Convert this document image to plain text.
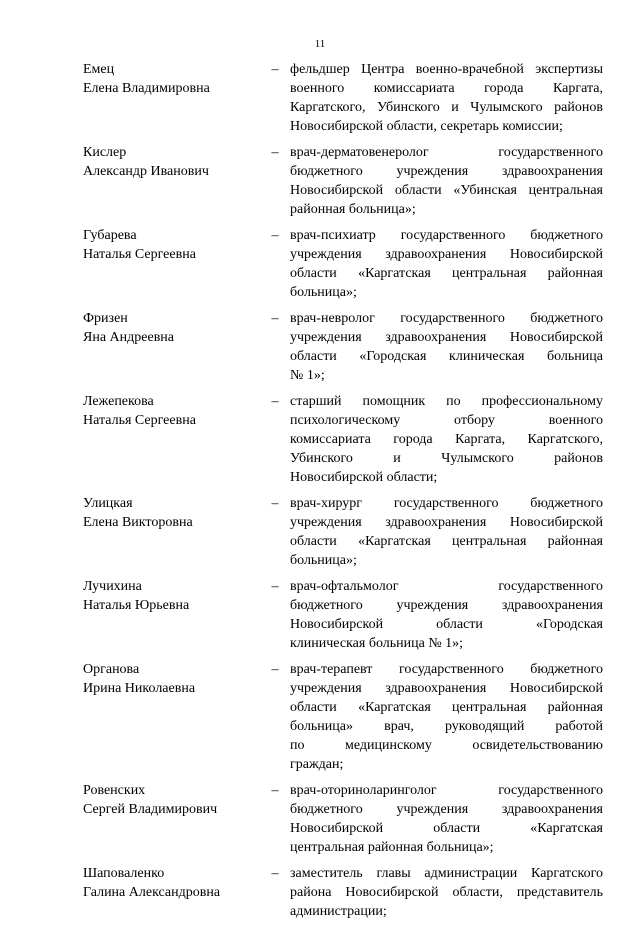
11
Емец
Елена Владимировна
– фельдшер Центра военно-врачебной экспертизы
военного комиссариата города Каргата,
Каргатского, Убинского и Чулымского районов
Новосибирской области, секретарь комиссии;
Кислер
Александр Иванович
– врач-дерматовенеролог государственного
бюджетного учреждения здравоохранения
Новосибирской области «Убинская центральная
районная больница»;
Губарева
Наталья Сергеевна
– врач-психиатр государственного бюджетного
учреждения здравоохранения Новосибирской
области «Каргатская центральная районная
больница»;
Фризен
Яна Андреевна
– врач-невролог государственного бюджетного
учреждения здравоохранения Новосибирской
области «Городская клиническая больница
№ 1»;
Лежепекова
Наталья Сергеевна
– старший помощник по профессиональному
психологическому отбору военного
комиссариата города Каргата, Каргатского,
Убинского и Чулымского районов
Новосибирской области;
Улицкая
Елена Викторовна
– врач-хирург государственного бюджетного
учреждения здравоохранения Новосибирской
области «Каргатская центральная районная
больница»;
Лучихина
Наталья Юрьевна
– врач-офтальмолог государственного
бюджетного учреждения здравоохранения
Новосибирской области «Городская
клиническая больница № 1»;
Органова
Ирина Николаевна
– врач-терапевт государственного бюджетного
учреждения здравоохранения Новосибирской
области «Каргатская центральная районная
больница» врач, руководящий работой
по медицинскому освидетельствованию
граждан;
Ровенских
Сергей Владимирович
– врач-оториноларинголог государственного
бюджетного учреждения здравоохранения
Новосибирской области «Каргатская
центральная районная больница»;
Шаповаленко
Галина Александровна
– заместитель главы администрации Каргатского
района Новосибирской области, представитель
администрации;
